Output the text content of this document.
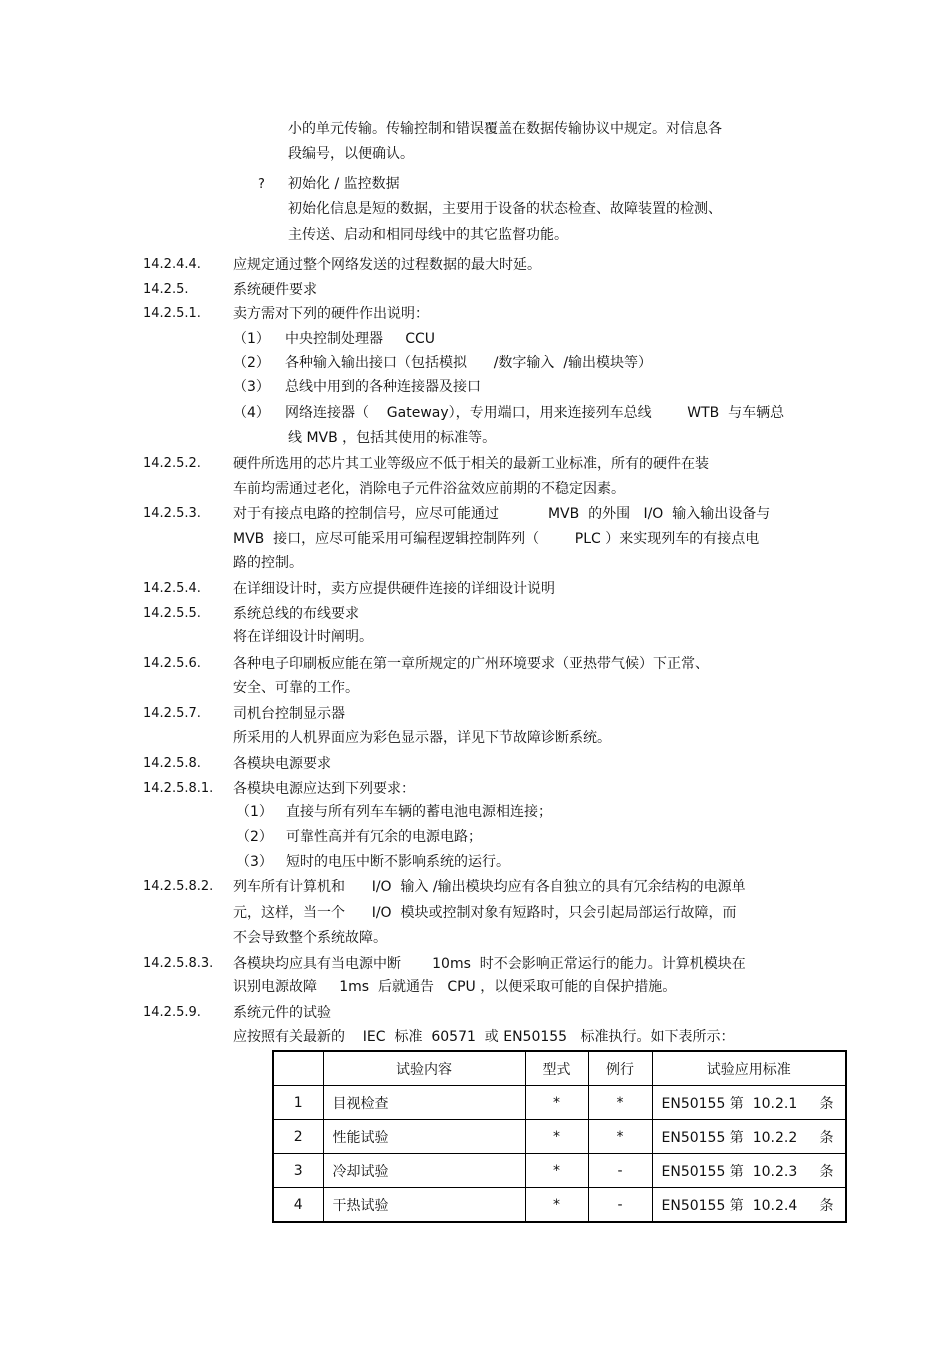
小的单元传输。传输控制和错误覆盖在数据传输协议中规定。对信息各
段编号，以便确认。
? 初始化 / 监控数据
初始化信息是短的数据，主要用于设备的状态检查、故障装置的检测、
主传送、启动和相同母线中的其它监督功能。
14.2.4.4. 应规定通过整个网络发送的过程数据的最大时延。
14.2.5.	系统硬件要求
14.2.5.1. 卖方需对下列的硬件作出说明：
（1） 中央控制处理器     CCU
（2） 各种输入输出接口（包括模拟      /数字输入  /输出模块等）
（3） 总线中用到的各种连接器及接口
（4） 网络连接器（    Gateway），专用端口，用来连接列车总线        WTB  与车辆总
线 MVB ，包括其使用的标准等。
14.2.5.2. 硬件所选用的芯片其工业等级应不低于相关的最新工业标准，所有的硬件在装
车前均需通过老化，消除电子元件浴盆效应前期的不稳定因素。
14.2.5.3. 对于有接点电路的控制信号，应尽可能通过           MVB  的外围   I/O  输入输出设备与
MVB  接口，应尽可能采用可编程逻辑控制阵列（        PLC ）来实现列车的有接点电
路的控制。
14.2.5.4. 在详细设计时，卖方应提供硬件连接的详细设计说明
14.2.5.5. 系统总线的布线要求
将在详细设计时阐明。
14.2.5.6. 各种电子印刷板应能在第一章所规定的广州环境要求（亚热带气候）下正常、
安全、可靠的工作。
14.2.5.7. 司机台控制显示器
所采用的人机界面应为彩色显示器，详见下节故障诊断系统。
14.2.5.8. 各模块电源要求
14.2.5.8.1. 各模块电源应达到下列要求：
（1） 直接与所有列车车辆的蓄电池电源相连接；
（2） 可靠性高并有冗余的电源电路；
（3） 短时的电压中断不影响系统的运行。
14.2.5.8.2. 列车所有计算机和      I/O  输入 /输出模块均应有各自独立的具有冗余结构的电源单
元，这样，当一个      I/O  模块或控制对象有短路时，只会引起局部运行故障，而
不会导致整个系统故障。
14.2.5.8.3. 各模块均应具有当电源中断       10ms  时不会影响正常运行的能力。计算机模块在
识别电源故障     1ms  后就通告   CPU ，以便采取可能的自保护措施。
14.2.5.9. 系统元件的试验
应按照有关最新的    IEC  标准  60571  或 EN50155   标准执行。如下表所示：
	试验内容	型式	例行	试验应用标准
1	目视检查	*	*	EN50155 第  10.2.1     条
2	性能试验	*	*	EN50155 第  10.2.2     条
3	冷却试验	*	-	EN50155 第  10.2.3     条
4	干热试验	*	-	EN50155 第  10.2.4     条
